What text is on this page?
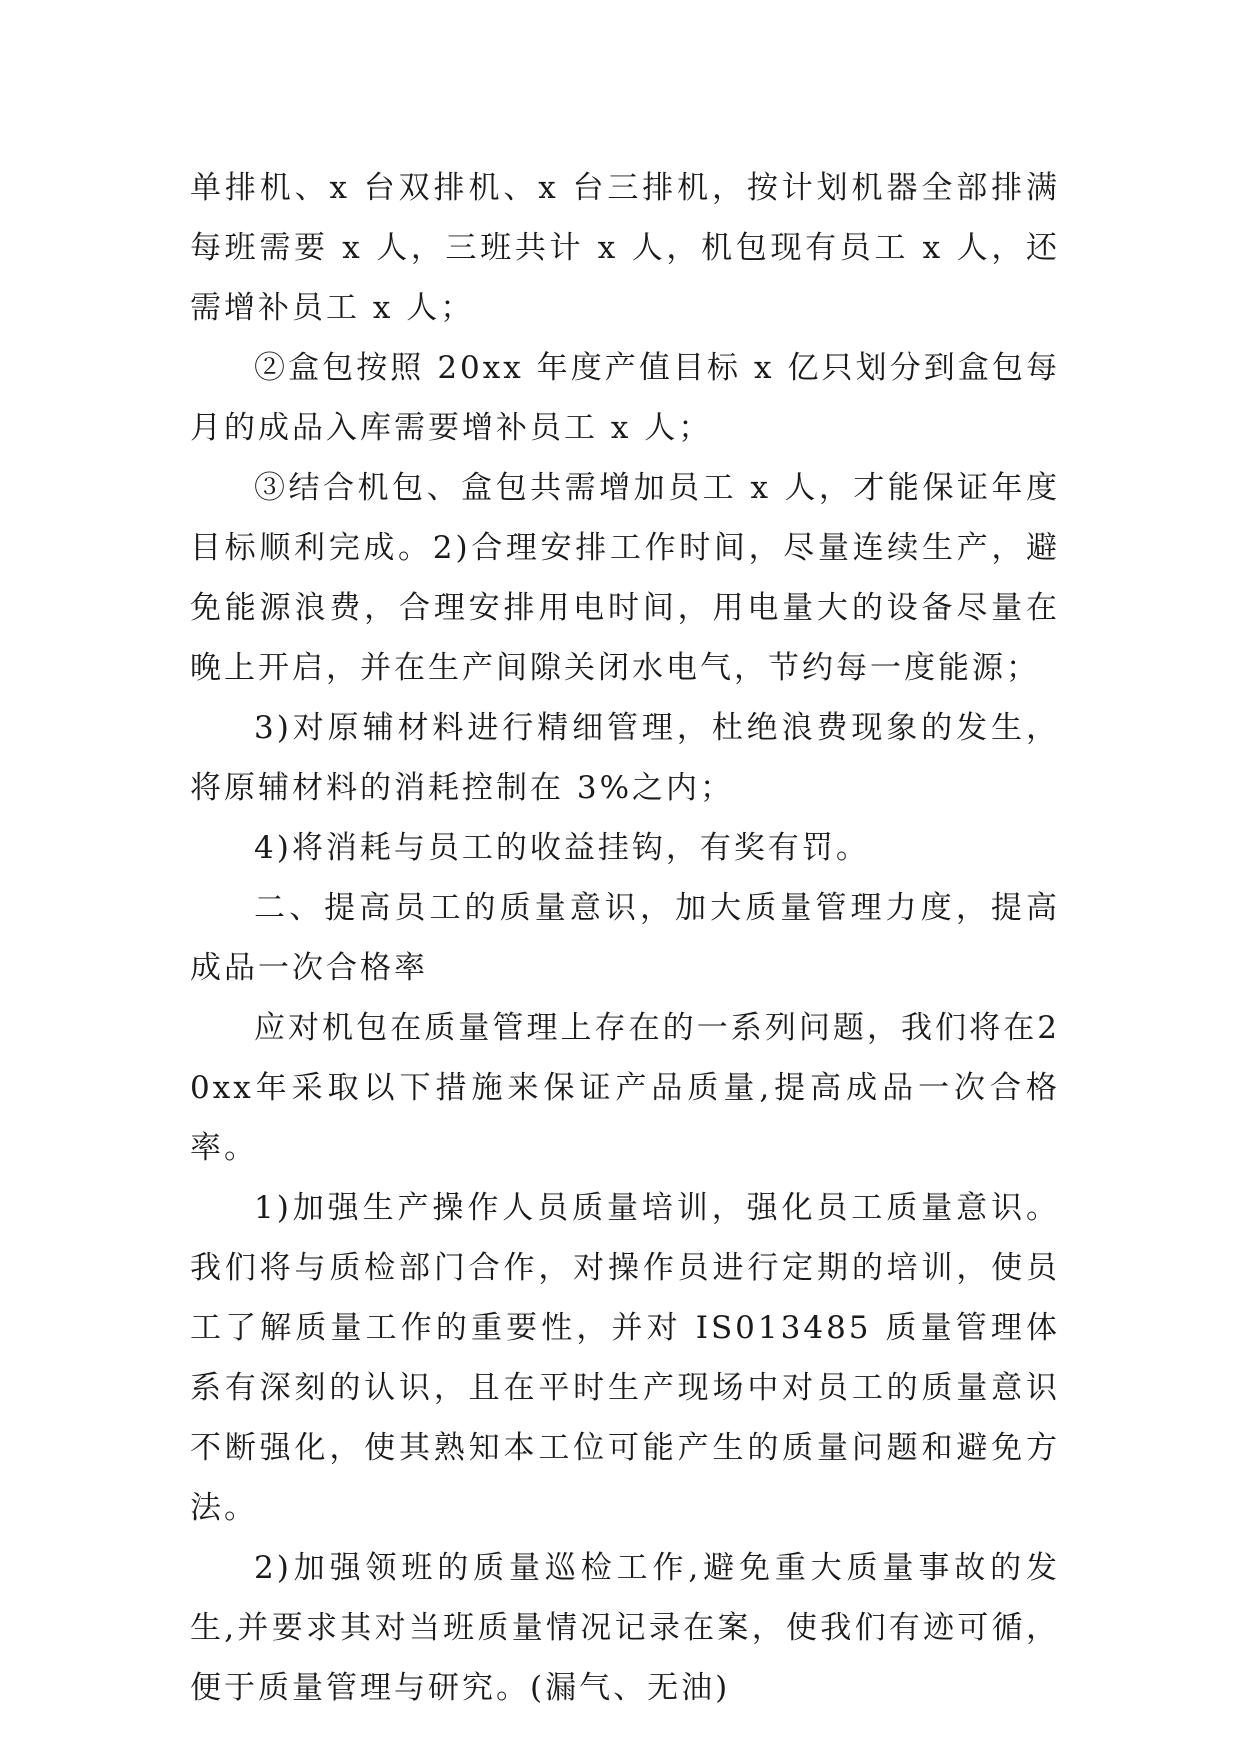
单排机、x 台双排机、x 台三排机，按计划机器全部排满每班需要 x 人，三班共计 x 人，机包现有员工 x 人，还需增补员工 x 人；

②盒包按照 20xx 年度产值目标 x 亿只划分到盒包每月的成品入库需要增补员工 x 人；

③结合机包、盒包共需增加员工 x 人，才能保证年度目标顺利完成。2)合理安排工作时间，尽量连续生产，避免能源浪费，合理安排用电时间，用电量大的设备尽量在晚上开启，并在生产间隙关闭水电气，节约每一度能源；

3)对原辅材料进行精细管理，杜绝浪费现象的发生，将原辅材料的消耗控制在 3%之内；

4)将消耗与员工的收益挂钩，有奖有罚。

二、提高员工的质量意识，加大质量管理力度，提高成品一次合格率

应对机包在质量管理上存在的一系列问题，我们将在20xx年采取以下措施来保证产品质量,提高成品一次合格率。

1)加强生产操作人员质量培训，强化员工质量意识。我们将与质检部门合作，对操作员进行定期的培训，使员工了解质量工作的重要性，并对 IS013485 质量管理体系有深刻的认识，且在平时生产现场中对员工的质量意识不断强化，使其熟知本工位可能产生的质量问题和避免方法。

2)加强领班的质量巡检工作,避免重大质量事故的发生,并要求其对当班质量情况记录在案，使我们有迹可循，便于质量管理与研究。(漏气、无油)
